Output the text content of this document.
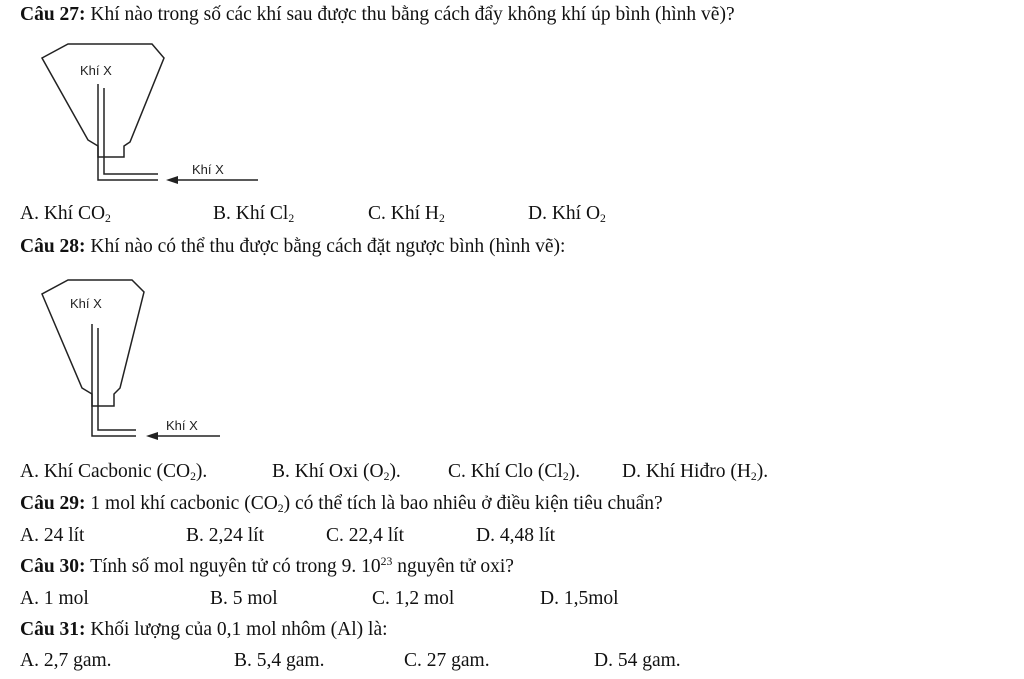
Câu 27: Khí nào trong số các khí sau được thu bằng cách đẩy không khí úp bình (hình vẽ)?
Khí X
Khí X
A. Khí $CO_2$	B. Khí $Cl_2$	C. Khí $H_2$	D. Khí $O_2$
Câu 28: Khí nào có thể thu được bằng cách đặt ngược bình (hình vẽ):
Khí X
Khí X
A. Khí Cacbonic $(CO_2)$.	B. Khí Oxi $(O_2)$. C. Khí Clo $(Cl_2)$. D. Khí Hiđro $(H_2)$.
Câu 29: 1 mol khí cacbonic $(CO_2)$ có thể tích là bao nhiêu ở điều kiện tiêu chuẩn?
A. 24 lít	B. 2,24 lít	C. 22,4 lít	D. 4,48 lít
Câu 30: Tính số mol nguyên tử có trong 9. $10^{23}$ nguyên tử oxi?
A. 1 mol	B. 5 mol	C. 1,2 mol	D. 1,5mol
Câu 31: Khối lượng của 0,1 mol nhôm (Al) là:
A. 2,7 gam.	B. 5,4 gam.	C. 27 gam.	D. 54 gam.
